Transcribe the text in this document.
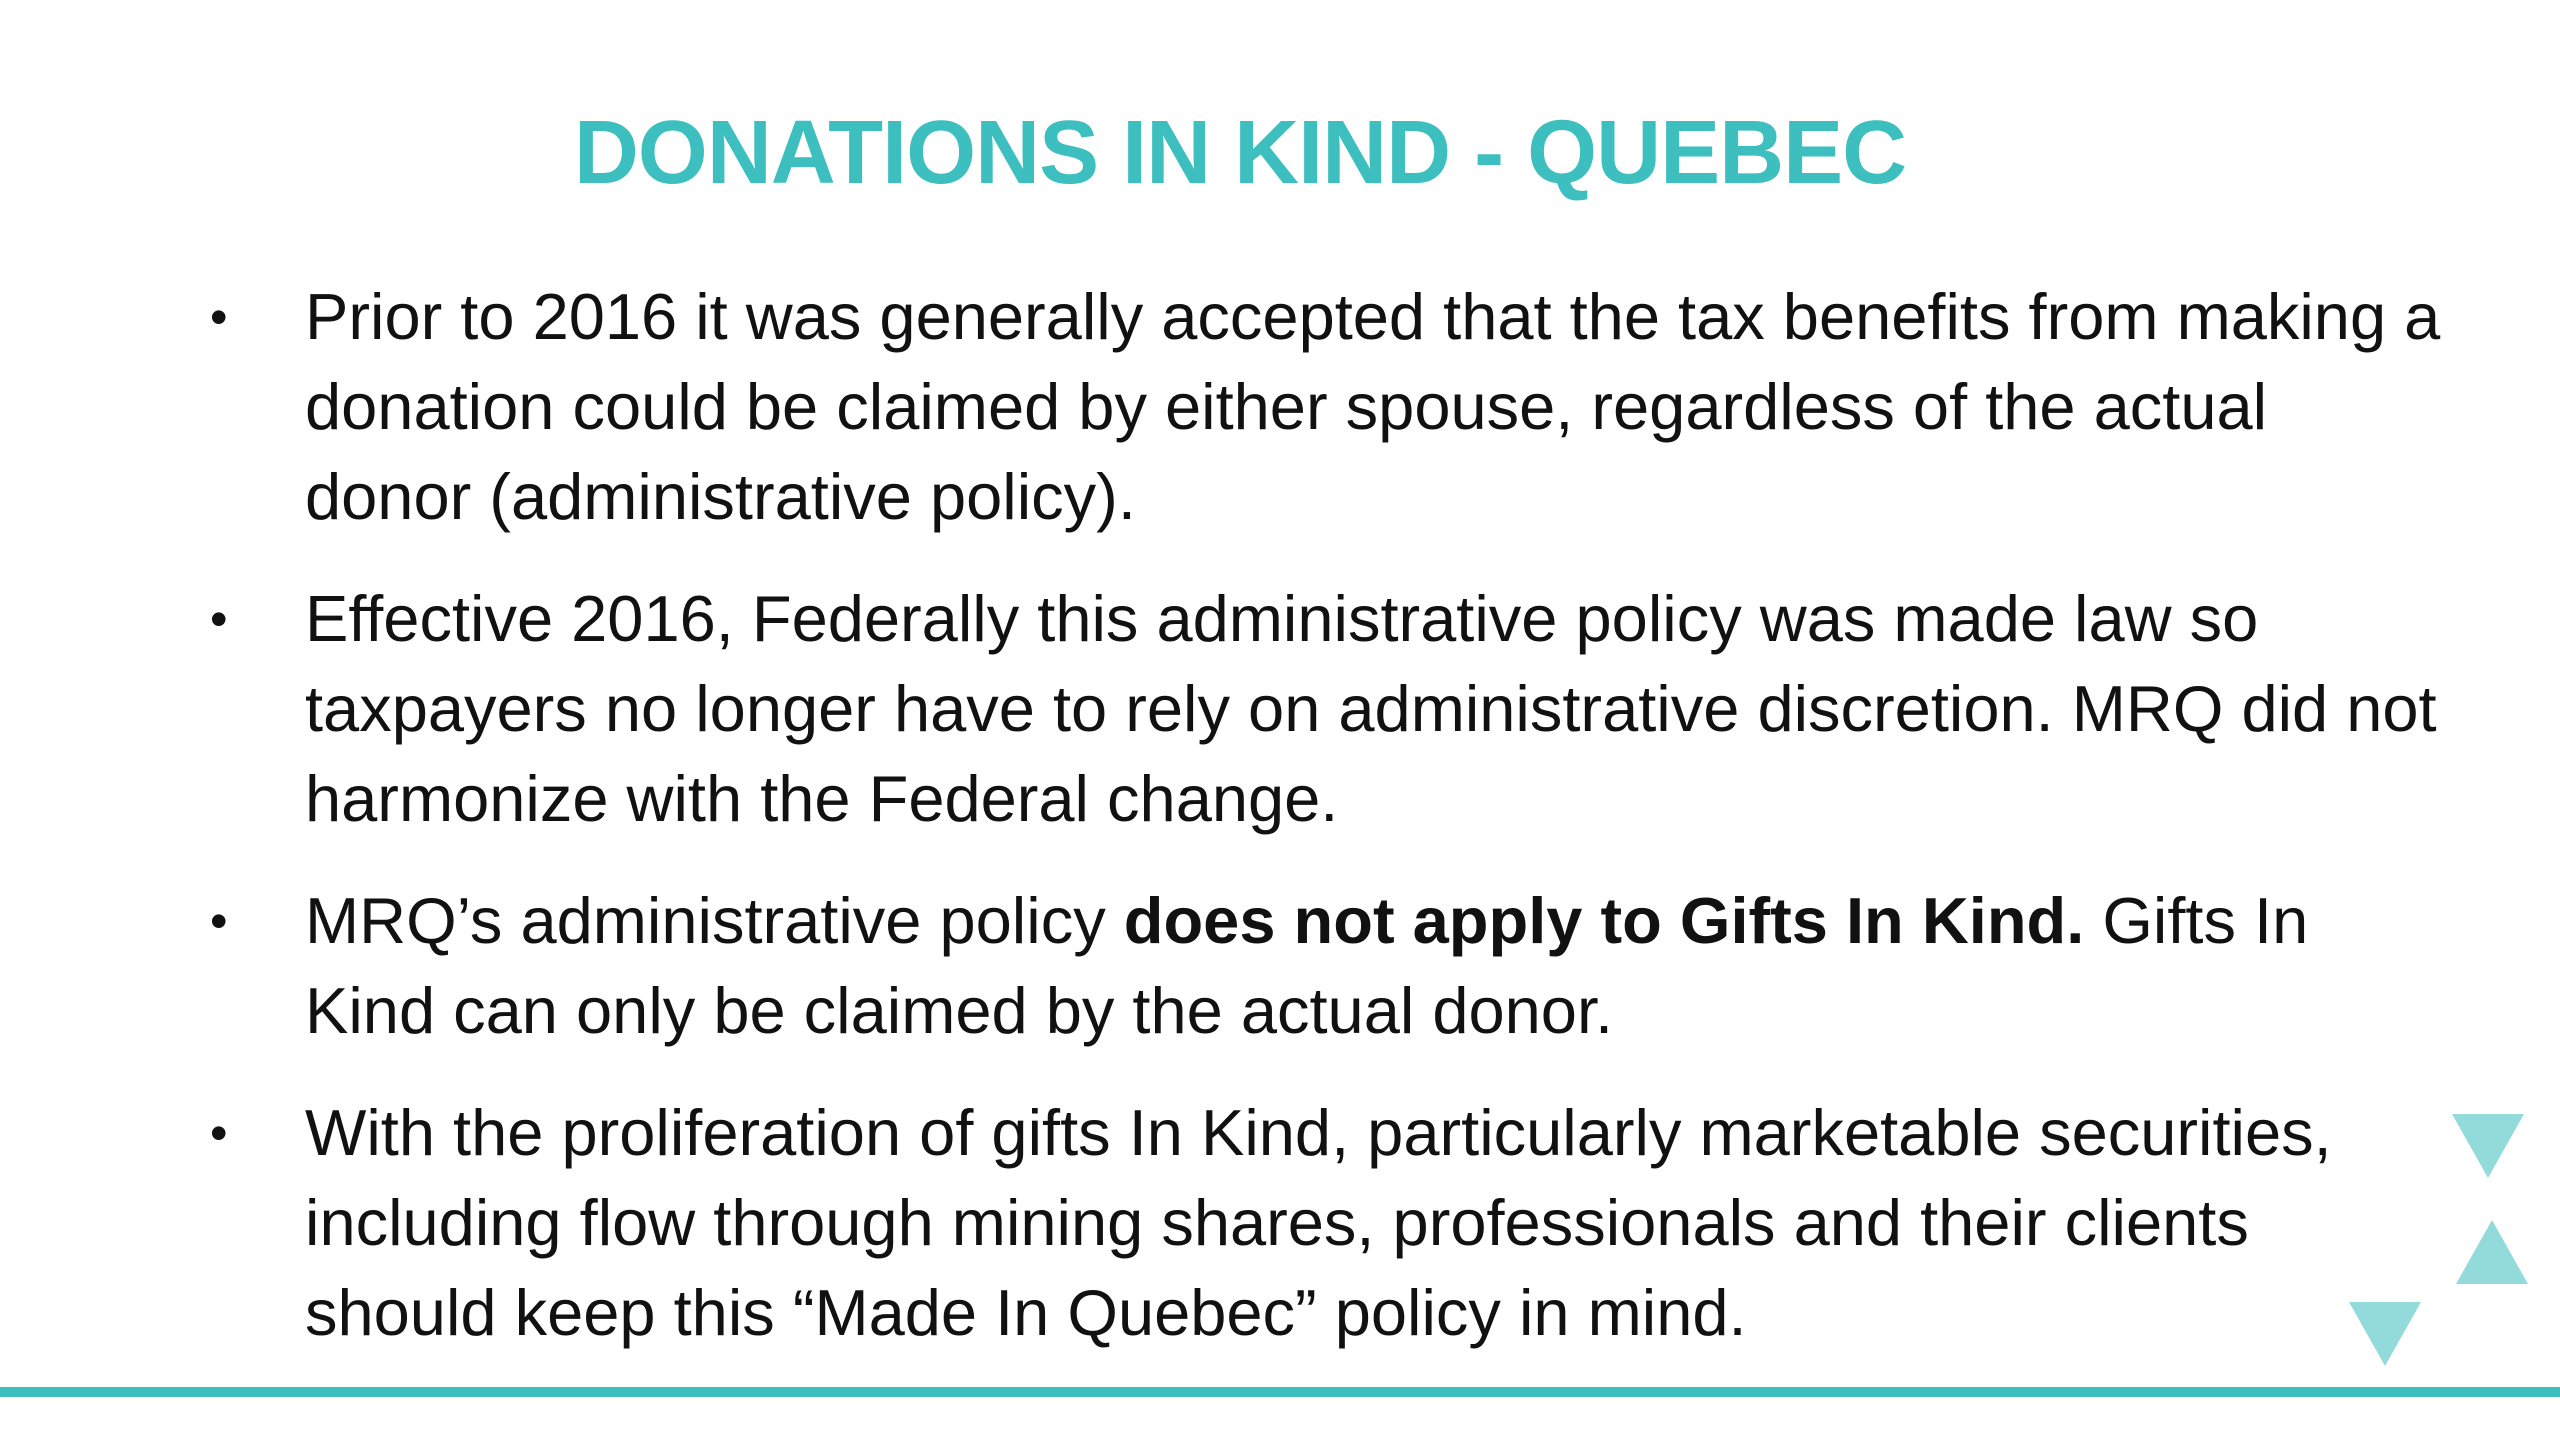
DONATIONS IN KIND - QUEBEC
• Prior to 2016 it was generally accepted that the tax benefits from making a donation could be claimed by either spouse, regardless of the actual donor (administrative policy).
• Effective 2016, Federally this administrative policy was made law so taxpayers no longer have to rely on administrative discretion. MRQ did not harmonize with the Federal change.
• MRQ’s administrative policy does not apply to Gifts In Kind. Gifts In Kind can only be claimed by the actual donor.
• With the proliferation of gifts In Kind, particularly marketable securities, including flow through mining shares, professionals and their clients should keep this “Made In Quebec” policy in mind.
